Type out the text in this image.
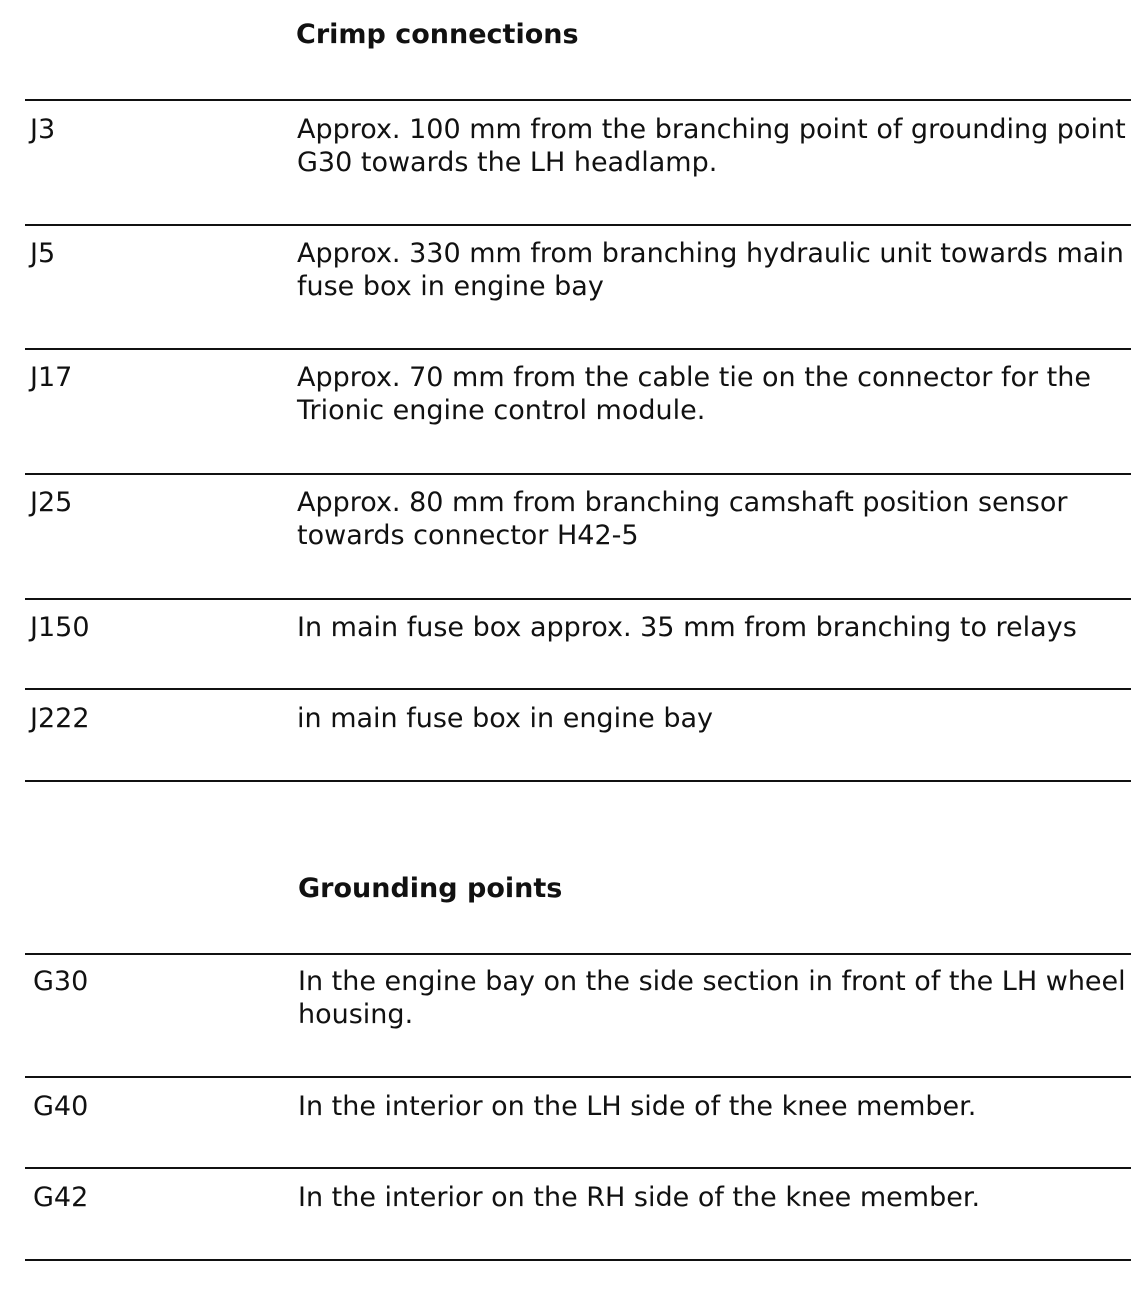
Crimp connections
J3	Approx. 100 mm from the branching point of grounding point G30 towards the LH headlamp.
J5	Approx. 330 mm from branching hydraulic unit towards main fuse box in engine bay
J17	Approx. 70 mm from the cable tie on the connector for the Trionic engine control module.
J25	Approx. 80 mm from branching camshaft position sensor towards connector H42-5
J150	In main fuse box approx. 35 mm from branching to relays
J222	in main fuse box in engine bay
Grounding points
G30	In the engine bay on the side section in front of the LH wheel housing.
G40	In the interior on the LH side of the knee member.
G42	In the interior on the RH side of the knee member.
